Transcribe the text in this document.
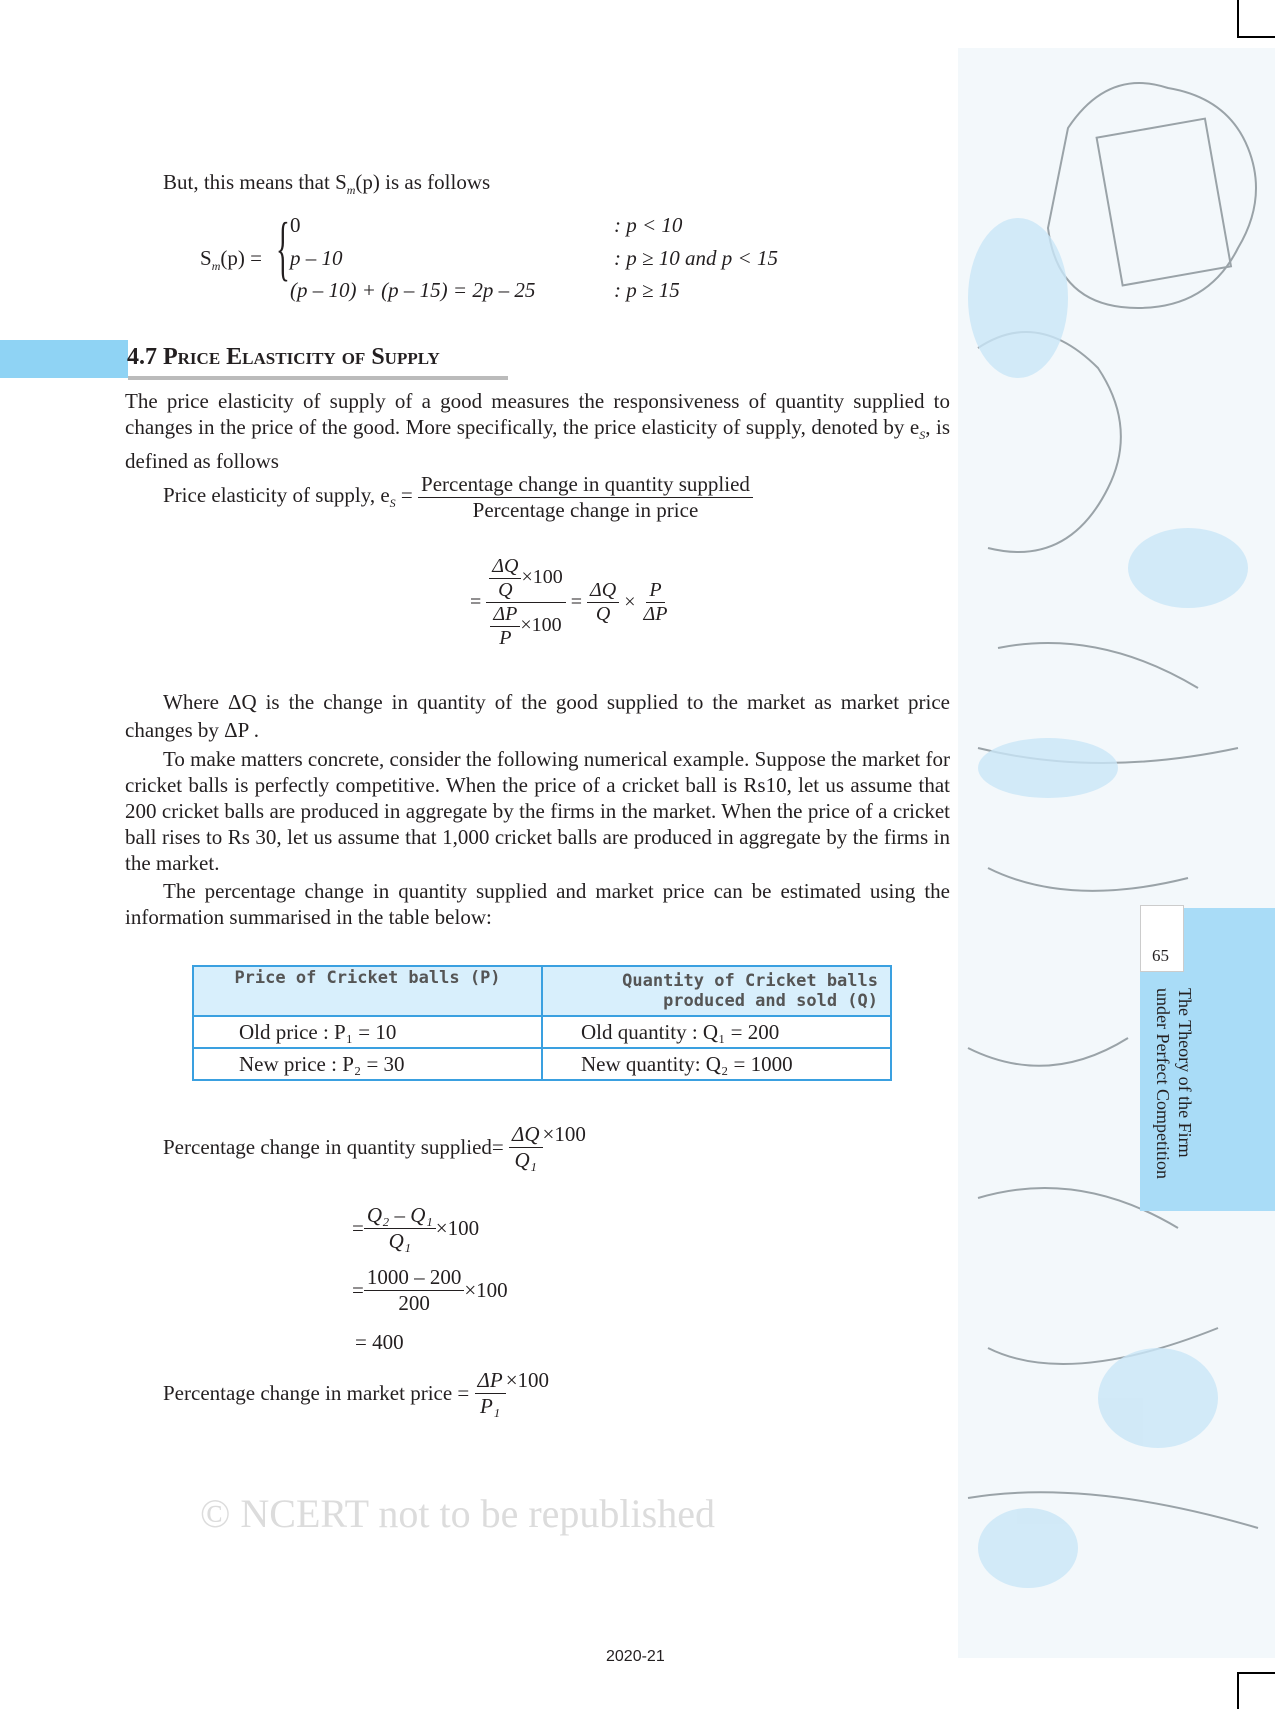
The Theory of the Firm
under Perfect Competition
65
But, this means that $S_m(p)$ is as follows
$S_m(p)$ = { 0
p – 10
(p – 10) + (p – 15) = 2p – 25
: p < 10
: p ≥ 10 and p < 15
: p ≥ 15
4.7 Price Elasticity of Supply
The price elasticity of supply of a good measures the responsiveness of quantity supplied to changes in the price of the good. More specifically, the price elasticity of supply, denoted by $e_S$, is defined as follows
Price elasticity of supply, $e_S = \frac{\text{Percentage change in quantity supplied}}{\text{Percentage change in price}}$
= $\frac{\frac{\Delta Q}{Q} \times 100}{\frac{\Delta P}{P} \times 100} = \frac{\Delta Q}{Q} \times \frac{P}{\Delta P}$
Where ΔQ is the change in quantity of the good supplied to the market as market price changes by ΔP .
To make matters concrete, consider the following numerical example. Suppose the market for cricket balls is perfectly competitive. When the price of a cricket ball is Rs10, let us assume that 200 cricket balls are produced in aggregate by the firms in the market. When the price of a cricket ball rises to Rs 30, let us assume that 1,000 cricket balls are produced in aggregate by the firms in the market.
The percentage change in quantity supplied and market price can be estimated using the information summarised in the table below:
Price of Cricket balls (P)	Quantity of Cricket balls produced and sold (Q)
Old price : P₁ = 10	Old quantity : Q₁ = 200
New price : P₂ = 30	New quantity: Q₂ = 1000
Percentage change in quantity supplied= $\frac{\Delta Q}{\text{Q₁}} \times 100$
= $\frac{\text{Q₂ – Q₁}}{\text{Q₁}} \times 100$
= $\frac{1000 - 200}{200} \times 100$
= 400
Percentage change in market price = $\frac{\Delta P}{\text{P₁}} \times 100$
© NCERT not to be republished
2020-21
